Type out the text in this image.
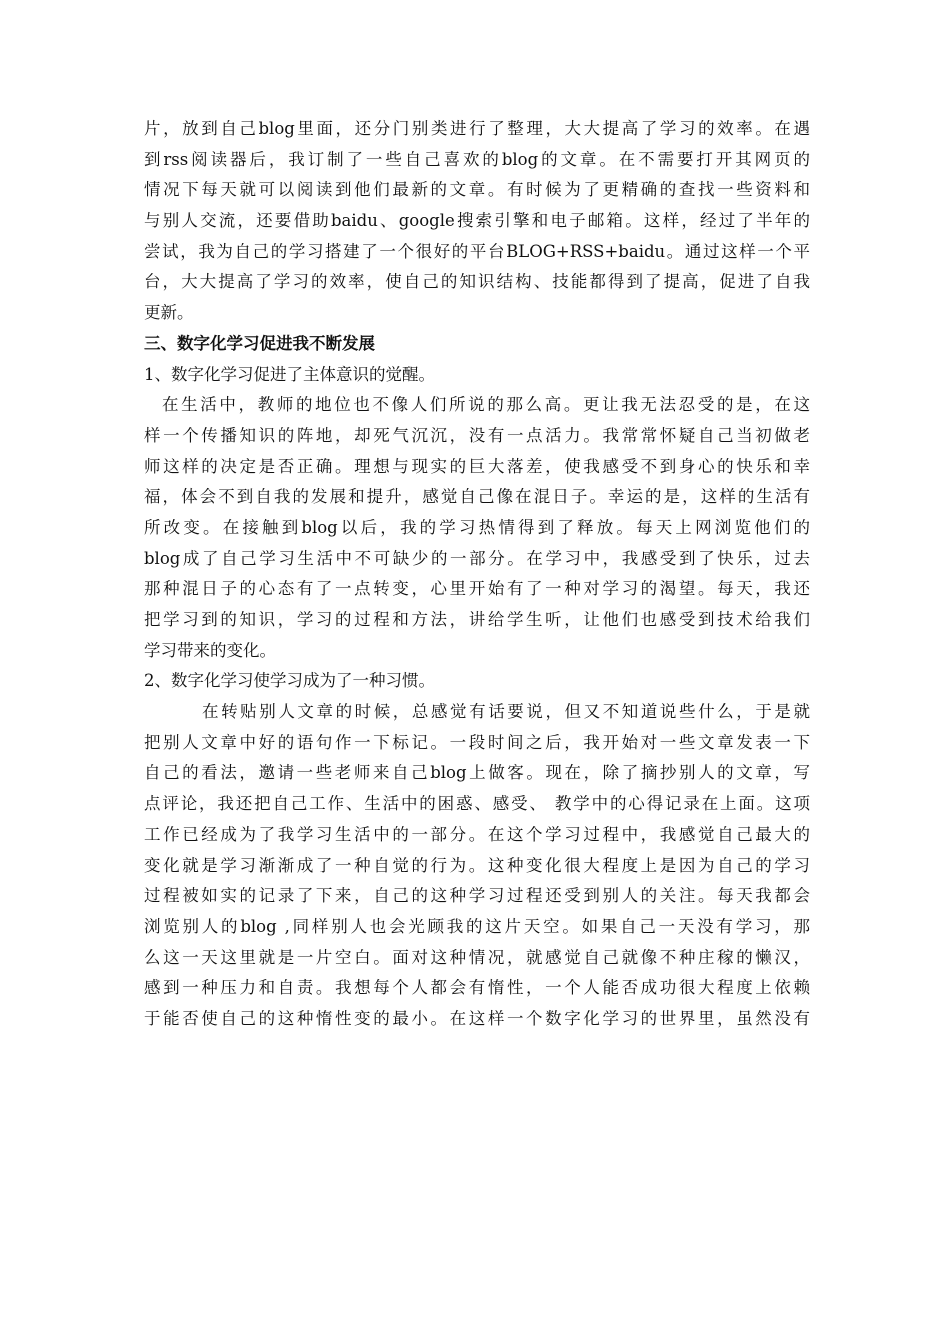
片，放到自己blog里面，还分门别类进行了整理，大大提高了学习的效率。在遇
到rss阅读器后，我订制了一些自己喜欢的blog的文章。在不需要打开其网页的
情况下每天就可以阅读到他们最新的文章。有时候为了更精确的查找一些资料和
与别人交流，还要借助baidu、google搜索引擎和电子邮箱。这样，经过了半年的
尝试，我为自己的学习搭建了一个很好的平台BLOG+RSS+baidu。通过这样一个平
台，大大提高了学习的效率，使自己的知识结构、技能都得到了提高，促进了自我
更新。
三、数字化学习促进我不断发展
1、数字化学习促进了主体意识的觉醒。
在生活中，教师的地位也不像人们所说的那么高。更让我无法忍受的是，在这
样一个传播知识的阵地，却死气沉沉，没有一点活力。我常常怀疑自己当初做老
师这样的决定是否正确。理想与现实的巨大落差，使我感受不到身心的快乐和幸
福，体会不到自我的发展和提升，感觉自己像在混日子。幸运的是，这样的生活有
所改变。在接触到blog以后，我的学习热情得到了释放。每天上网浏览他们的
blog成了自己学习生活中不可缺少的一部分。在学习中，我感受到了快乐，过去
那种混日子的心态有了一点转变，心里开始有了一种对学习的渴望。每天，我还
把学习到的知识，学习的过程和方法，讲给学生听，让他们也感受到技术给我们
学习带来的变化。
2、数字化学习使学习成为了一种习惯。
在转贴别人文章的时候，总感觉有话要说，但又不知道说些什么，于是就
把别人文章中好的语句作一下标记。一段时间之后，我开始对一些文章发表一下
自己的看法，邀请一些老师来自己blog上做客。现在，除了摘抄别人的文章，写
点评论，我还把自己工作、生活中的困惑、感受、 教学中的心得记录在上面。这项
工作已经成为了我学习生活中的一部分。在这个学习过程中，我感觉自己最大的
变化就是学习渐渐成了一种自觉的行为。这种变化很大程度上是因为自己的学习
过程被如实的记录了下来，自己的这种学习过程还受到别人的关注。每天我都会
浏览别人的blog ,同样别人也会光顾我的这片天空。如果自己一天没有学习，那
么这一天这里就是一片空白。面对这种情况，就感觉自己就像不种庄稼的懒汉，
感到一种压力和自责。我想每个人都会有惰性，一个人能否成功很大程度上依赖
于能否使自己的这种惰性变的最小。在这样一个数字化学习的世界里，虽然没有
